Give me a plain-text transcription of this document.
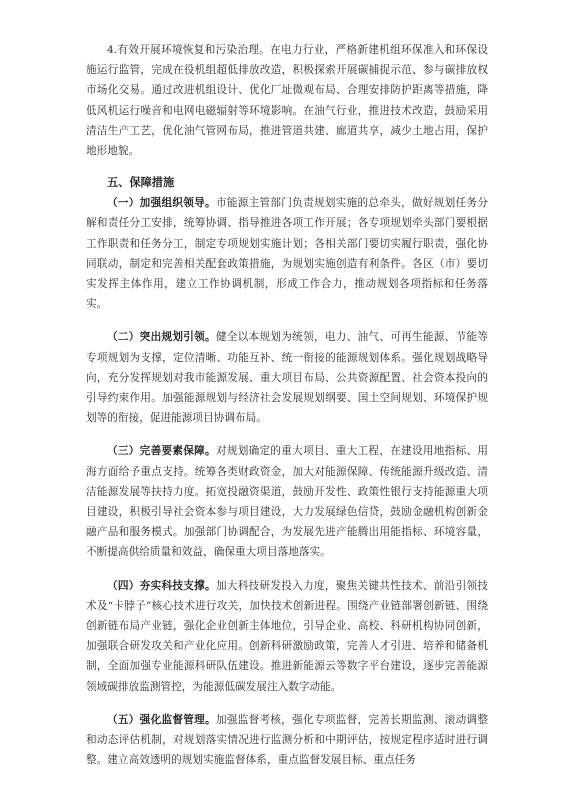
4.有效开展环境恢复和污染治理。在电力行业，严格新建机组环保准入和环保设施运行监管，完成在役机组超低排放改造，积极探索开展碳捕捉示范、参与碳排放权市场化交易。通过改进机组设计、优化厂址微观布局、合理安排防护距离等措施，降低风机运行噪音和电网电磁辐射等环境影响。在油气行业，推进技术改造，鼓励采用清洁生产工艺，优化油气管网布局，推进管道共建、廊道共享，减少土地占用，保护地形地貌。

五、保障措施

（一）加强组织领导。市能源主管部门负责规划实施的总牵头，做好规划任务分解和责任分工安排，统筹协调、指导推进各项工作开展；各专项规划牵头部门要根据工作职责和任务分工，制定专项规划实施计划；各相关部门要切实履行职责，强化协同联动，制定和完善相关配套政策措施，为规划实施创造有利条件。各区（市）要切实发挥主体作用，建立工作协调机制，形成工作合力，推动规划各项指标和任务落实。

（二）突出规划引领。健全以本规划为统领，电力、油气、可再生能源、节能等专项规划为支撑，定位清晰、功能互补、统一衔接的能源规划体系。强化规划战略导向，充分发挥规划对我市能源发展、重大项目布局、公共资源配置、社会资本投向的引导约束作用。加强能源规划与经济社会发展规划纲要、国土空间规划、环境保护规划等的衔接，促进能源项目协调布局。

（三）完善要素保障。对规划确定的重大项目、重大工程，在建设用地指标、用海方面给予重点支持。统筹各类财政资金，加大对能源保障、传统能源升级改造、清洁能源发展等扶持力度。拓宽投融资渠道，鼓励开发性、政策性银行支持能源重大项目建设，积极引导社会资本参与项目建设，大力发展绿色信贷，鼓励金融机构创新金融产品和服务模式。加强部门协调配合，为发展先进产能腾出用能指标、环境容量，不断提高供给质量和效益，确保重大项目落地落实。

（四）夯实科技支撑。加大科技研发投入力度，聚焦关键共性技术、前沿引领技术及“卡脖子”核心技术进行攻关，加快技术创新进程。围绕产业链部署创新链、围绕创新链布局产业链，强化企业创新主体地位，引导企业、高校、科研机构协同创新，加强联合研发攻关和产业化应用。创新科研激励政策，完善人才引进、培养和储备机制，全面加强专业能源科研队伍建设。推进新能源云等数字平台建设，逐步完善能源领域碳排放监测管控，为能源低碳发展注入数字动能。

（五）强化监督管理。加强监督考核，强化专项监督，完善长期监测、滚动调整和动态评估机制，对规划落实情况进行监测分析和中期评估，按规定程序适时进行调整。建立高效透明的规划实施监督体系，重点监督发展目标、重点任务
